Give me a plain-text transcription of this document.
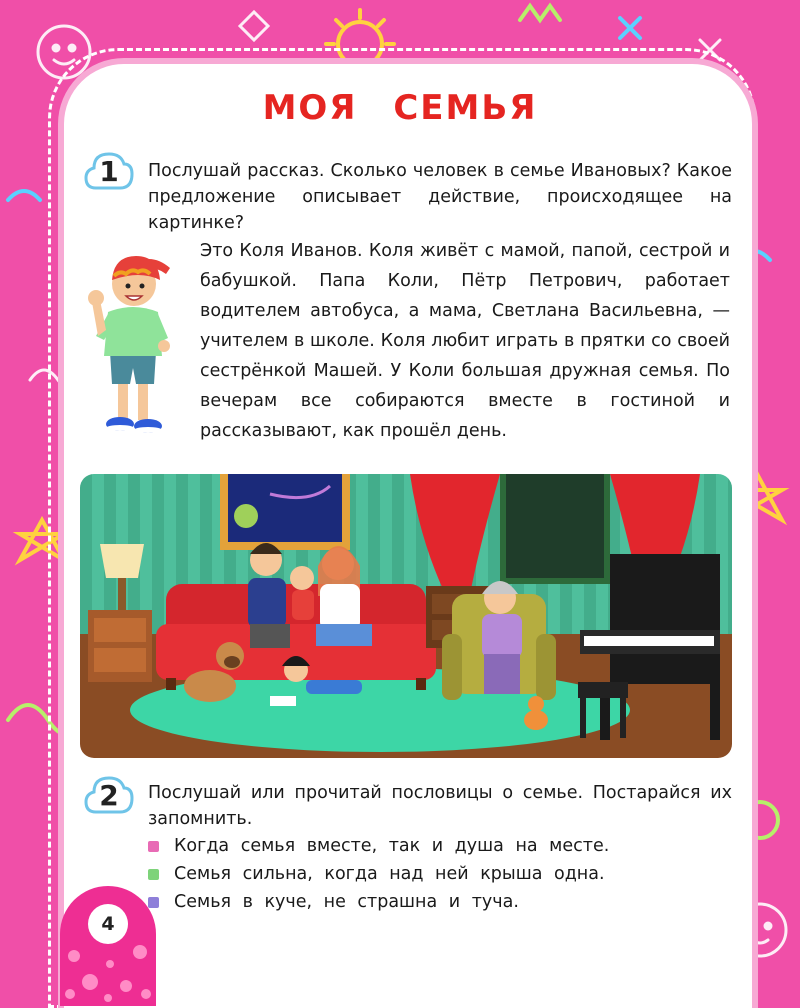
МОЯ СЕМЬЯ
1	Послушай рассказ. Сколько человек в семье Ивановых? Какое предложение описывает действие, происходящее на картинке?
Это Коля Иванов. Коля живёт с мамой, папой, сестрой и бабушкой. Папа Коли, Пётр Петрович, работает водителем автобуса, а мама, Светлана Васильевна, — учителем в школе. Коля любит играть в прятки со своей сестрёнкой Машей. У Коли большая дружная семья. По вечерам все собираются вместе в гостиной и рассказывают, как прошёл день.
2	Послушай или прочитай пословицы о семье. Постарайся их запомнить.
Когда семья вместе, так и душа на месте.
Семья сильна, когда над ней крыша одна.
Семья в куче, не страшна и туча.
4
